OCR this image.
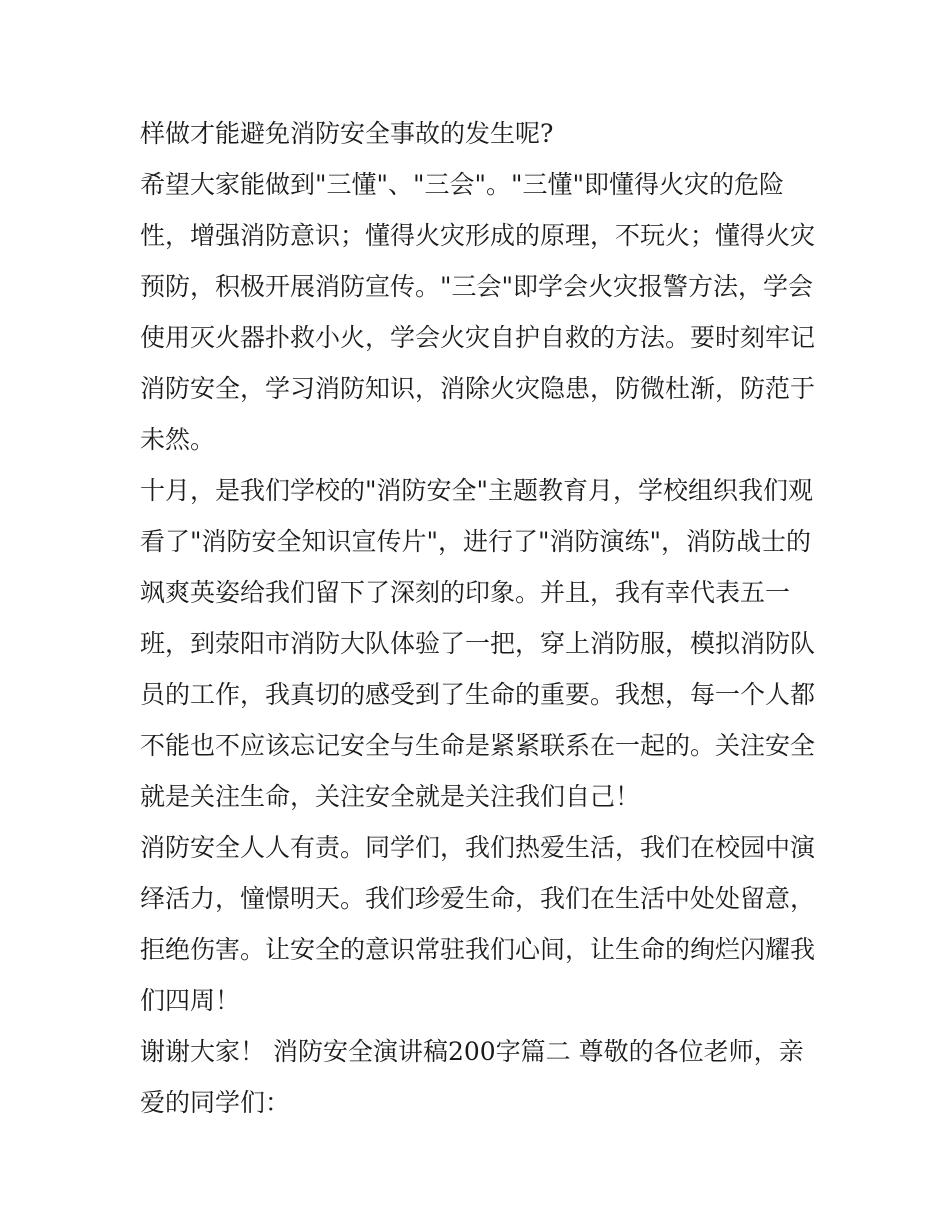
样做才能避免消防安全事故的发生呢?
希望大家能做到"三懂"、"三会"。"三懂"即懂得火灾的危险
性，增强消防意识；懂得火灾形成的原理，不玩火；懂得火灾
预防，积极开展消防宣传。"三会"即学会火灾报警方法，学会
使用灭火器扑救小火，学会火灾自护自救的方法。要时刻牢记
消防安全，学习消防知识，消除火灾隐患，防微杜渐，防范于
未然。
十月，是我们学校的"消防安全"主题教育月，学校组织我们观
看了"消防安全知识宣传片"，进行了"消防演练"，消防战士的
飒爽英姿给我们留下了深刻的印象。并且，我有幸代表五一
班，到荥阳市消防大队体验了一把，穿上消防服，模拟消防队
员的工作，我真切的感受到了生命的重要。我想，每一个人都
不能也不应该忘记安全与生命是紧紧联系在一起的。关注安全
就是关注生命，关注安全就是关注我们自己！
消防安全人人有责。同学们，我们热爱生活，我们在校园中演
绎活力，憧憬明天。我们珍爱生命，我们在生活中处处留意，
拒绝伤害。让安全的意识常驻我们心间，让生命的绚烂闪耀我
们四周！
谢谢大家！ 消防安全演讲稿200字篇二 尊敬的各位老师，亲
爱的同学们：
